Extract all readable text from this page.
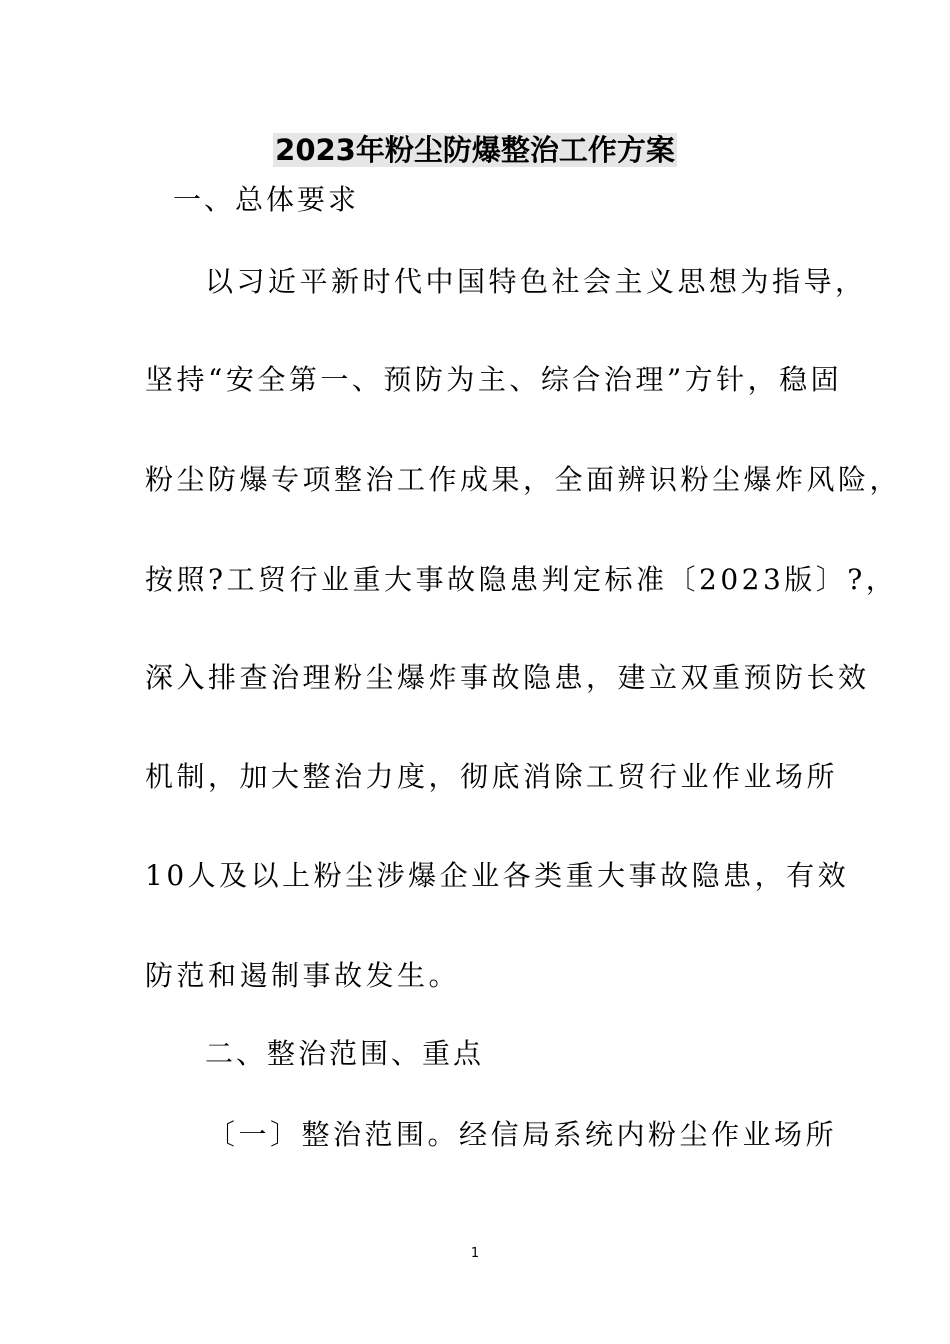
2023年粉尘防爆整治工作方案
一、总体要求
以习近平新时代中国特色社会主义思想为指导，
坚持“安全第一、预防为主、综合治理”方针，稳固
粉尘防爆专项整治工作成果，全面辨识粉尘爆炸风险，
按照?工贸行业重大事故隐患判定标准〔2023版〕?，
深入排查治理粉尘爆炸事故隐患，建立双重预防长效
机制，加大整治力度，彻底消除工贸行业作业场所
10人及以上粉尘涉爆企业各类重大事故隐患，有效
防范和遏制事故发生。
二、整治范围、重点
〔一〕整治范围。经信局系统内粉尘作业场所
1
